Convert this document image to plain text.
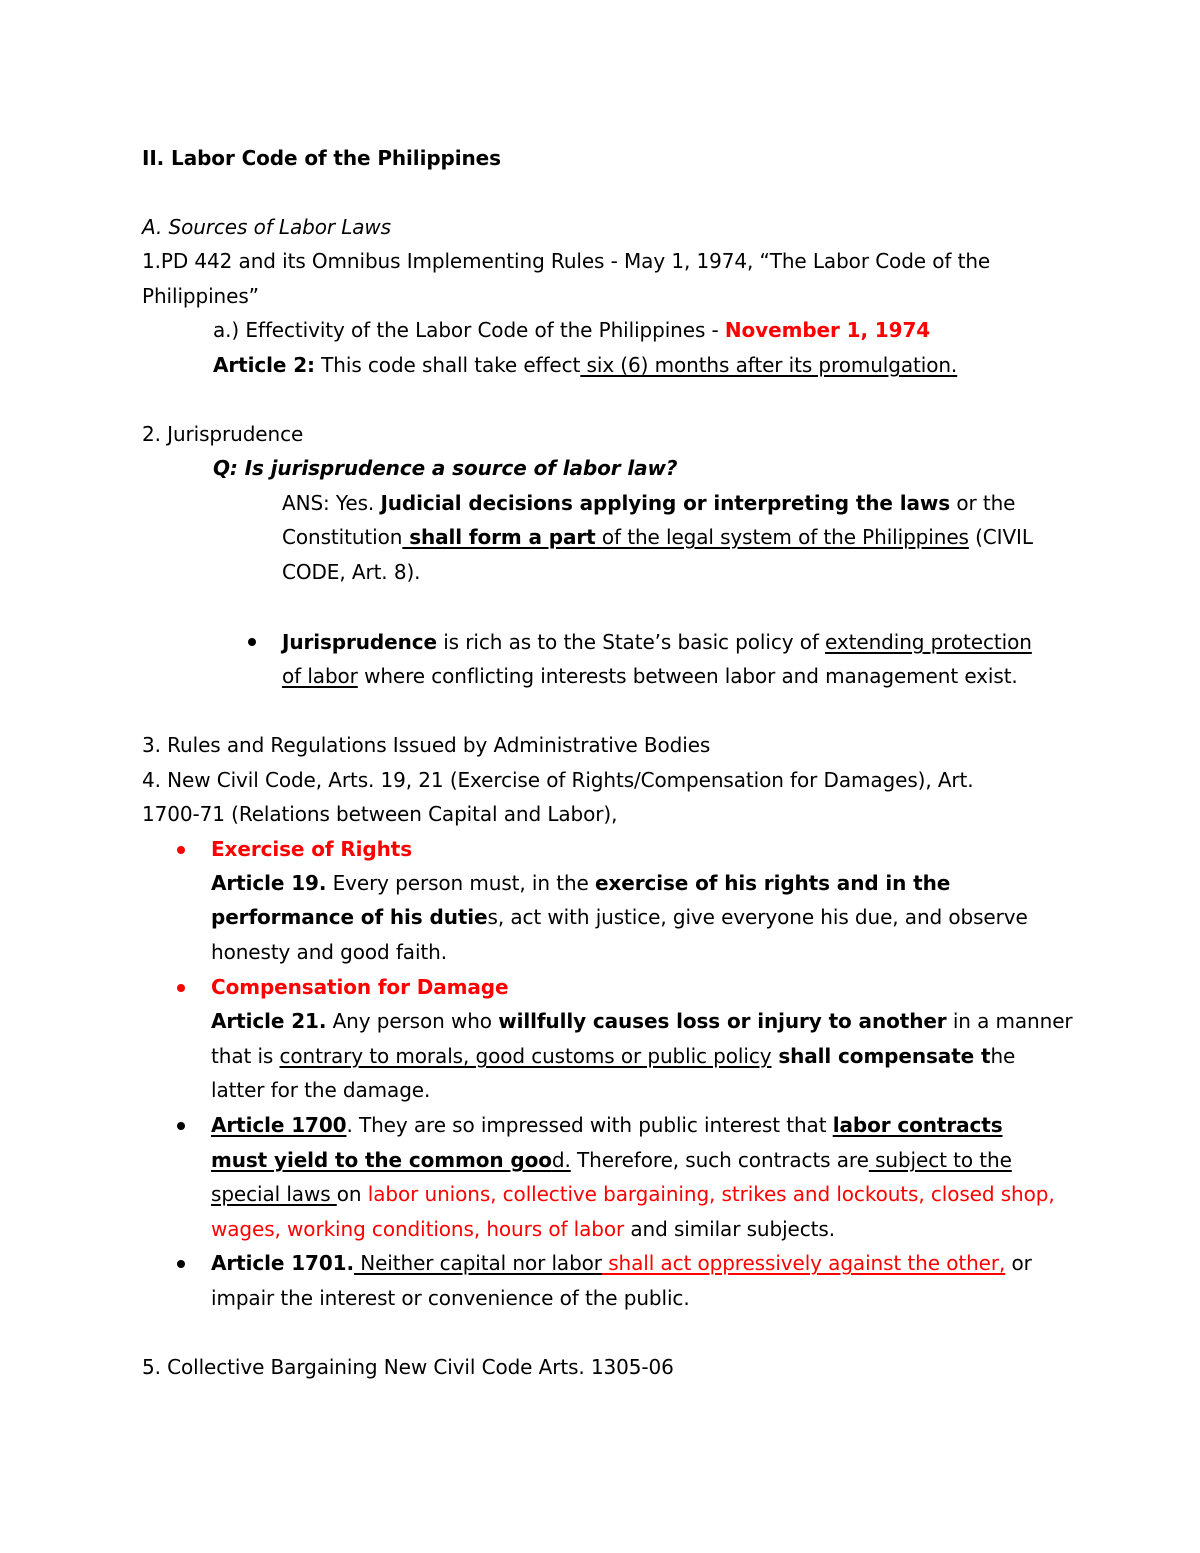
II. Labor Code of the Philippines
A. Sources of Labor Laws
1.PD 442 and its Omnibus Implementing Rules - May 1, 1974, “The Labor Code of the
Philippines”
a.) Effectivity of the Labor Code of the Philippines - November 1, 1974
Article 2: This code shall take effect six (6) months after its promulgation.
2. Jurisprudence
Q: Is jurisprudence a source of labor law?
ANS: Yes. Judicial decisions applying or interpreting the laws or the
Constitution shall form a part of the legal system of the Philippines (CIVIL
CODE, Art. 8).
Jurisprudence is rich as to the State’s basic policy of extending protection
of labor where conflicting interests between labor and management exist.
3. Rules and Regulations Issued by Administrative Bodies
4. New Civil Code, Arts. 19, 21 (Exercise of Rights/Compensation for Damages), Art.
1700-71 (Relations between Capital and Labor),
Exercise of Rights
Article 19. Every person must, in the exercise of his rights and in the
performance of his duties, act with justice, give everyone his due, and observe
honesty and good faith.
Compensation for Damage
Article 21. Any person who willfully causes loss or injury to another in a manner
that is contrary to morals, good customs or public policy shall compensate the
latter for the damage.
Article 1700. They are so impressed with public interest that labor contracts
must yield to the common good. Therefore, such contracts are subject to the
special laws on labor unions, collective bargaining, strikes and lockouts, closed shop,
wages, working conditions, hours of labor and similar subjects.
Article 1701. Neither capital nor labor shall act oppressively against the other, or
impair the interest or convenience of the public.
5. Collective Bargaining New Civil Code Arts. 1305-06
